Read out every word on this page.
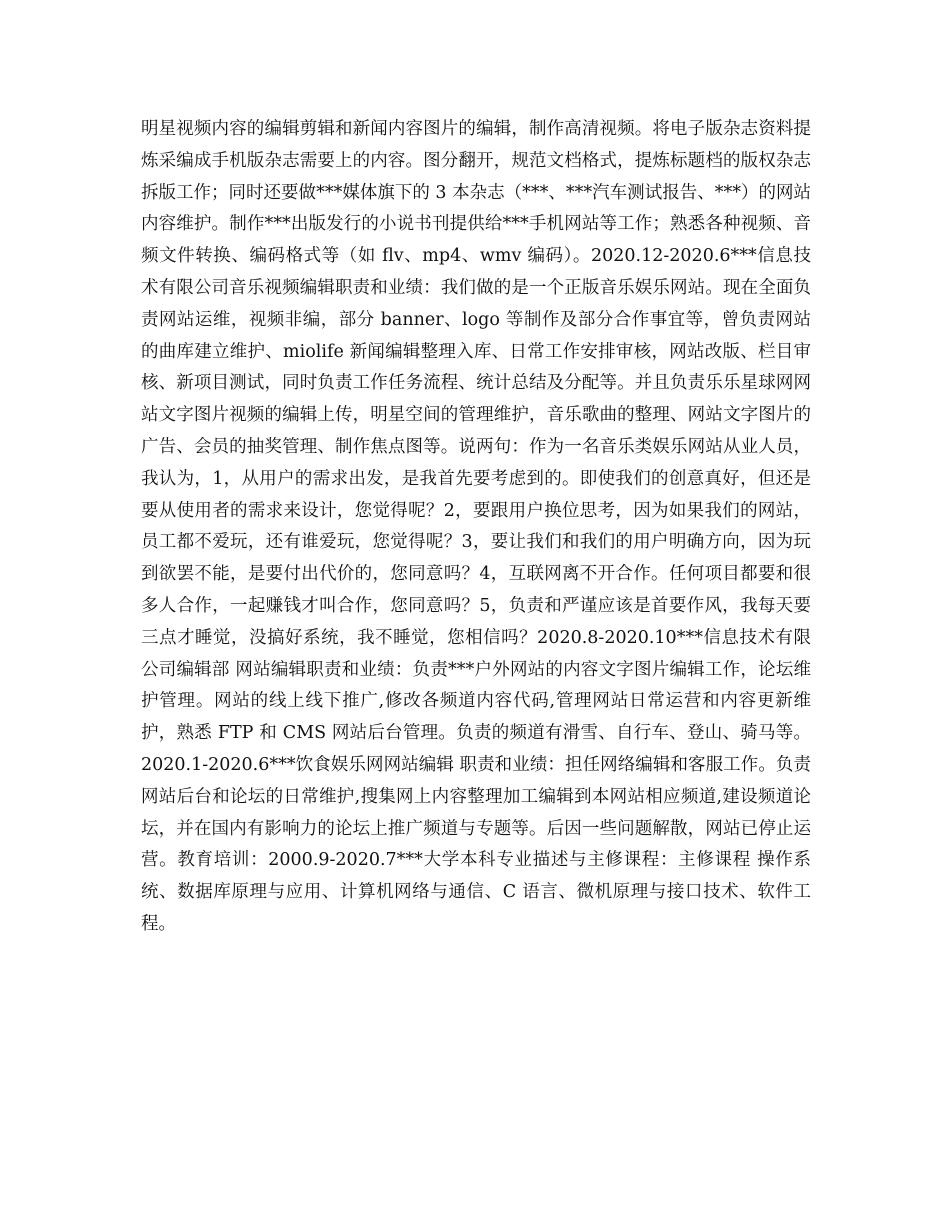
明星视频内容的编辑剪辑和新闻内容图片的编辑，制作高清视频。将电子版杂志资料提炼采编成手机版杂志需要上的内容。图分翻开，规范文档格式，提炼标题档的版权杂志拆版工作；同时还要做***媒体旗下的 3 本杂志（***、***汽车测试报告、***）的网站内容维护。制作***出版发行的小说书刊提供给***手机网站等工作；熟悉各种视频、音频文件转换、编码格式等（如 flv、mp4、wmv 编码）。2020.12-2020.6***信息技术有限公司音乐视频编辑职责和业绩：我们做的是一个正版音乐娱乐网站。现在全面负责网站运维，视频非编，部分 banner、logo 等制作及部分合作事宜等，曾负责网站的曲库建立维护、miolife 新闻编辑整理入库、日常工作安排审核，网站改版、栏目审核、新项目测试，同时负责工作任务流程、统计总结及分配等。并且负责乐乐星球网网站文字图片视频的编辑上传，明星空间的管理维护，音乐歌曲的整理、网站文字图片的广告、会员的抽奖管理、制作焦点图等。说两句：作为一名音乐类娱乐网站从业人员，我认为，1，从用户的需求出发，是我首先要考虑到的。即使我们的创意真好，但还是要从使用者的需求来设计，您觉得呢？2，要跟用户换位思考，因为如果我们的网站，员工都不爱玩，还有谁爱玩，您觉得呢？3，要让我们和我们的用户明确方向，因为玩到欲罢不能，是要付出代价的，您同意吗？4，互联网离不开合作。任何项目都要和很多人合作，一起赚钱才叫合作，您同意吗？5，负责和严谨应该是首要作风，我每天要三点才睡觉，没搞好系统，我不睡觉，您相信吗？2020.8-2020.10***信息技术有限公司编辑部 网站编辑职责和业绩：负责***户外网站的内容文字图片编辑工作，论坛维护管理。网站的线上线下推广,修改各频道内容代码,管理网站日常运营和内容更新维护，熟悉 FTP 和 CMS 网站后台管理。负责的频道有滑雪、自行车、登山、骑马等。2020.1-2020.6***饮食娱乐网网站编辑 职责和业绩：担任网络编辑和客服工作。负责网站后台和论坛的日常维护,搜集网上内容整理加工编辑到本网站相应频道,建设频道论坛，并在国内有影响力的论坛上推广频道与专题等。后因一些问题解散，网站已停止运营。教育培训：2000.9-2020.7***大学本科专业描述与主修课程：主修课程 操作系统、数据库原理与应用、计算机网络与通信、C 语言、微机原理与接口技术、软件工程。
